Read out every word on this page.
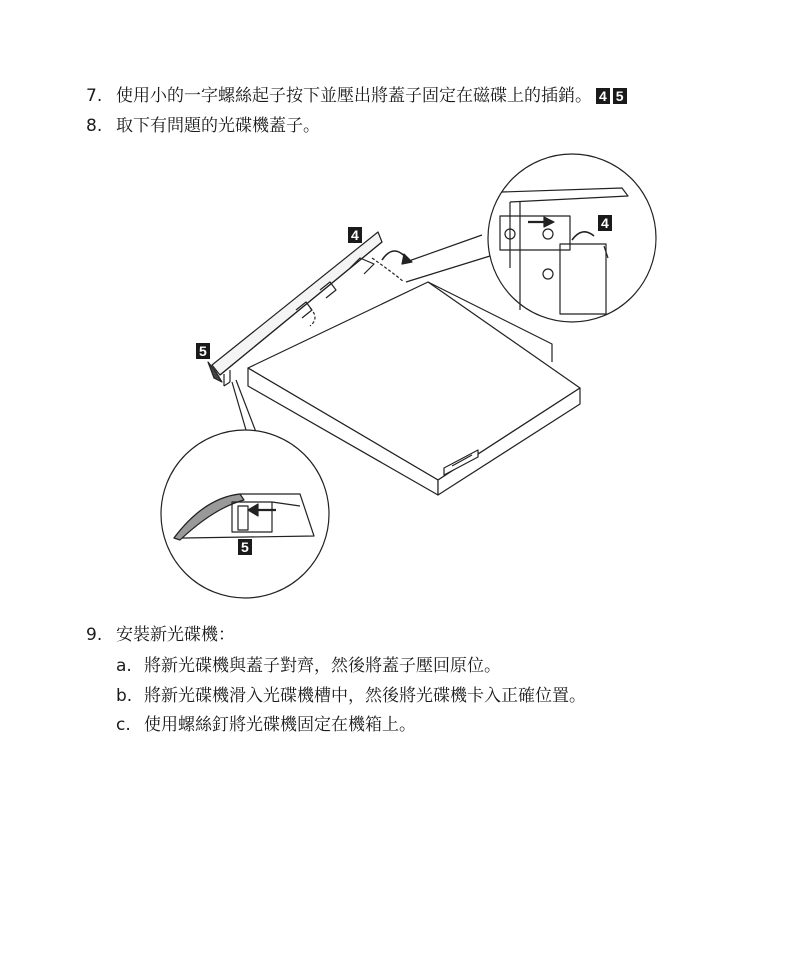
7. 使用小的一字螺絲起子按下並壓出將蓋子固定在磁碟上的插銷。 4 5
8. 取下有問題的光碟機蓋子。
4
5
4
5
9. 安裝新光碟機：
a. 將新光碟機與蓋子對齊，然後將蓋子壓回原位。
b. 將新光碟機滑入光碟機槽中，然後將光碟機卡入正確位置。
c. 使用螺絲釘將光碟機固定在機箱上。
